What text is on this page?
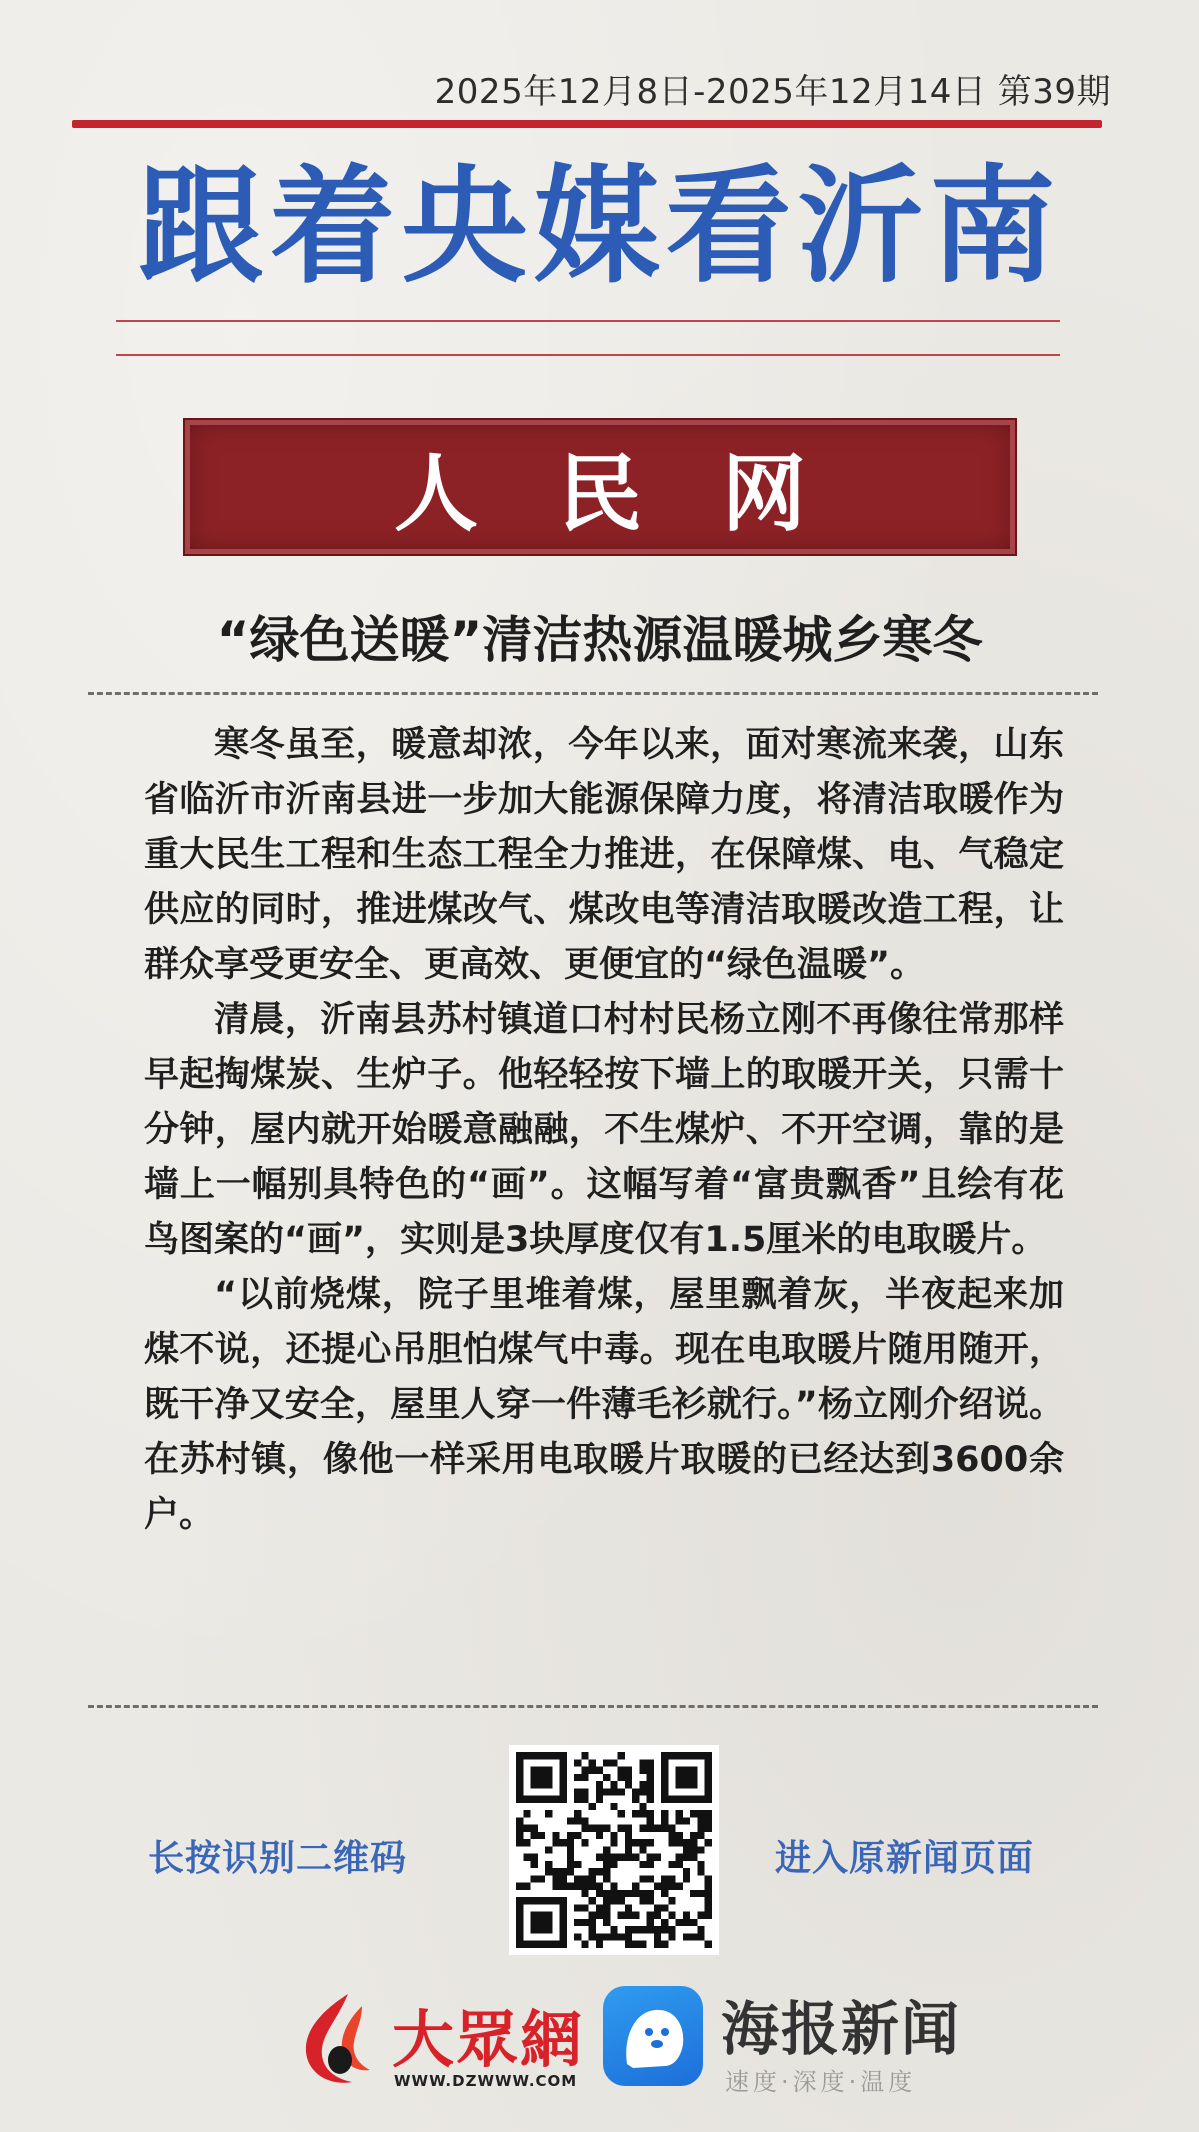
2025年12月8日-2025年12月14日 第39期
跟着央媒看沂南
人民网
“绿色送暖”清洁热源温暖城乡寒冬

寒冬虽至，暖意却浓，今年以来，面对寒流来袭，山东省临沂市沂南县进一步加大能源保障力度，将清洁取暖作为重大民生工程和生态工程全力推进，在保障煤、电、气稳定供应的同时，推进煤改气、煤改电等清洁取暖改造工程，让群众享受更安全、更高效、更便宜的“绿色温暖”。

清晨，沂南县苏村镇道口村村民杨立刚不再像往常那样早起掏煤炭、生炉子。他轻轻按下墙上的取暖开关，只需十分钟，屋内就开始暖意融融，不生煤炉、不开空调，靠的是墙上一幅别具特色的“画”。这幅写着“富贵飘香”且绘有花鸟图案的“画”，实则是3块厚度仅有1.5厘米的电取暖片。

“以前烧煤，院子里堆着煤，屋里飘着灰，半夜起来加煤不说，还提心吊胆怕煤气中毒。现在电取暖片随用随开，既干净又安全，屋里人穿一件薄毛衫就行。”杨立刚介绍说。在苏村镇，像他一样采用电取暖片取暖的已经达到3600余户。

长按识别二维码	进入原新闻页面
大眾網
WWW.DZWWW.COM
海报新闻
速度·深度·温度
